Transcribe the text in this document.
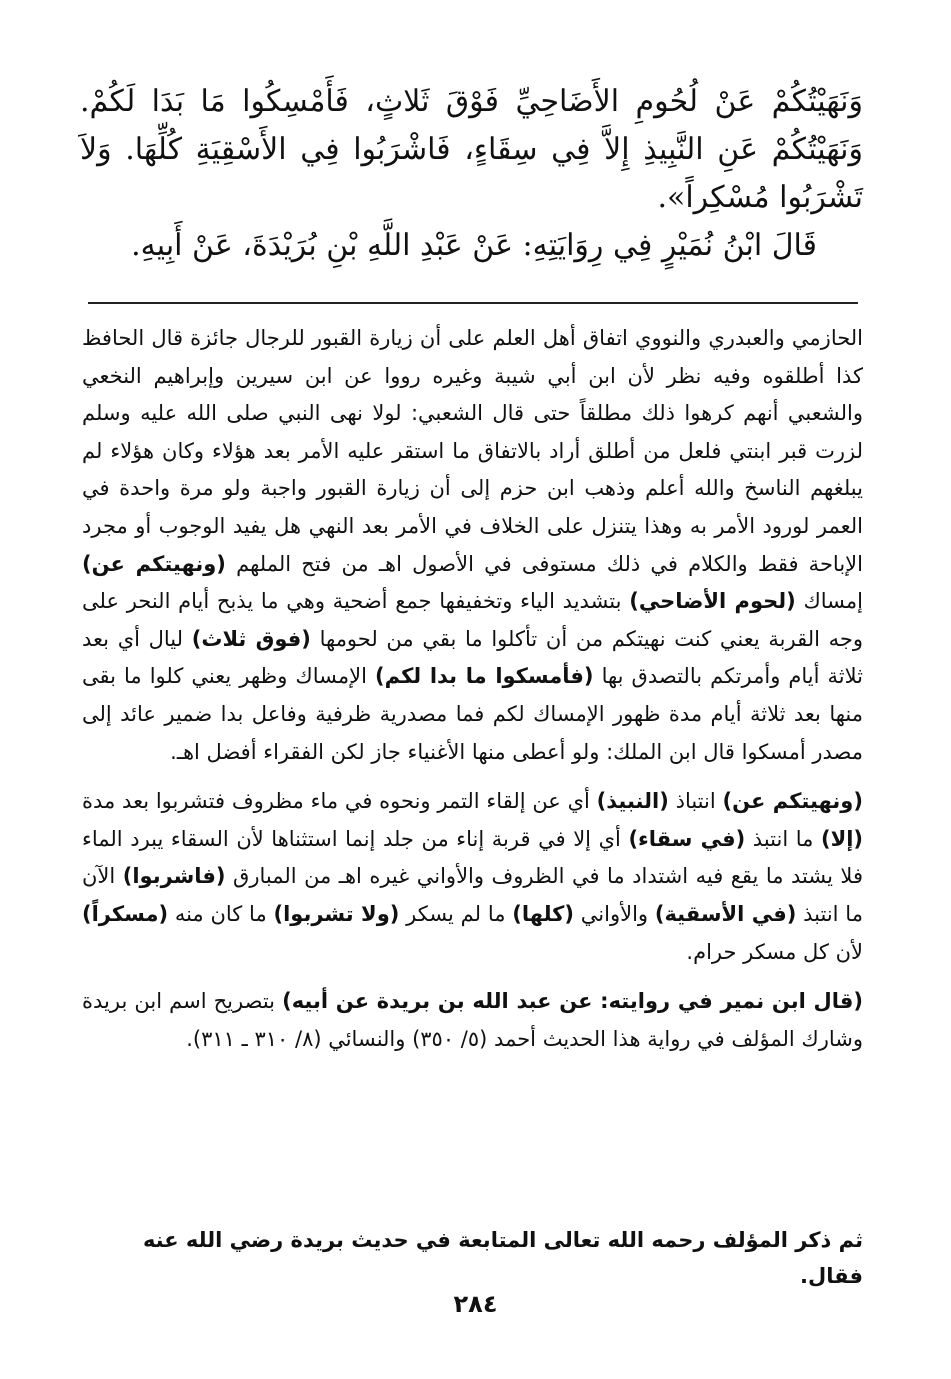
وَنَهَيْتُكُمْ عَنْ لُحُومِ الأَضَاحِيِّ فَوْقَ ثَلاثٍ، فَأَمْسِكُوا مَا بَدَا لَكُمْ. وَنَهَيْتُكُمْ عَنِ النَّبِيذِ إِلاَّ فِي سِقَاءٍ، فَاشْرَبُوا فِي الأَسْقِيَةِ كُلِّهَا. وَلاَ تَشْرَبُوا مُسْكِراً».

قَالَ ابْنُ نُمَيْرٍ فِي رِوَايَتِهِ: عَنْ عَبْدِ اللَّهِ بْنِ بُرَيْدَةَ، عَنْ أَبِيهِ.

الحازمي والعبدري والنووي اتفاق أهل العلم على أن زيارة القبور للرجال جائزة قال الحافظ كذا أطلقوه وفيه نظر لأن ابن أبي شيبة وغيره رووا عن ابن سيرين وإبراهيم النخعي والشعبي أنهم كرهوا ذلك مطلقاً حتى قال الشعبي: لولا نهى النبي صلى الله عليه وسلم لزرت قبر ابنتي فلعل من أطلق أراد بالاتفاق ما استقر عليه الأمر بعد هؤلاء وكان هؤلاء لم يبلغهم الناسخ والله أعلم وذهب ابن حزم إلى أن زيارة القبور واجبة ولو مرة واحدة في العمر لورود الأمر به وهذا يتنزل على الخلاف في الأمر بعد النهي هل يفيد الوجوب أو مجرد الإباحة فقط والكلام في ذلك مستوفى في الأصول اهـ من فتح الملهم (ونهيتكم عن) إمساك (لحوم الأضاحي) بتشديد الياء وتخفيفها جمع أضحية وهي ما يذبح أيام النحر على وجه القربة يعني كنت نهيتكم من أن تأكلوا ما بقي من لحومها (فوق ثلاث) ليال أي بعد ثلاثة أيام وأمرتكم بالتصدق بها (فأمسكوا ما بدا لكم) الإمساك وظهر يعني كلوا ما بقى منها بعد ثلاثة أيام مدة ظهور الإمساك لكم فما مصدرية ظرفية وفاعل بدا ضمير عائد إلى مصدر أمسكوا قال ابن الملك: ولو أعطى منها الأغنياء جاز لكن الفقراء أفضل اهـ.

(ونهيتكم عن) انتباذ (النبيذ) أي عن إلقاء التمر ونحوه في ماء مظروف فتشربوا بعد مدة (إلا) ما انتبذ (في سقاء) أي إلا في قربة إناء من جلد إنما استثناها لأن السقاء يبرد الماء فلا يشتد ما يقع فيه اشتداد ما في الظروف والأواني غيره اهـ من المبارق (فاشربوا) الآن ما انتبذ (في الأسقية) والأواني (كلها) ما لم يسكر (ولا تشربوا) ما كان منه (مسكراً) لأن كل مسكر حرام.

(قال ابن نمير في روايته: عن عبد الله بن بريدة عن أبيه) بتصريح اسم ابن بريدة وشارك المؤلف في رواية هذا الحديث أحمد (٥/ ٣٥٠) والنسائي (٨/ ٣١٠ ـ ٣١١).

ثم ذكر المؤلف رحمه الله تعالى المتابعة في حديث بريدة رضي الله عنه فقال.
٢٨٤
